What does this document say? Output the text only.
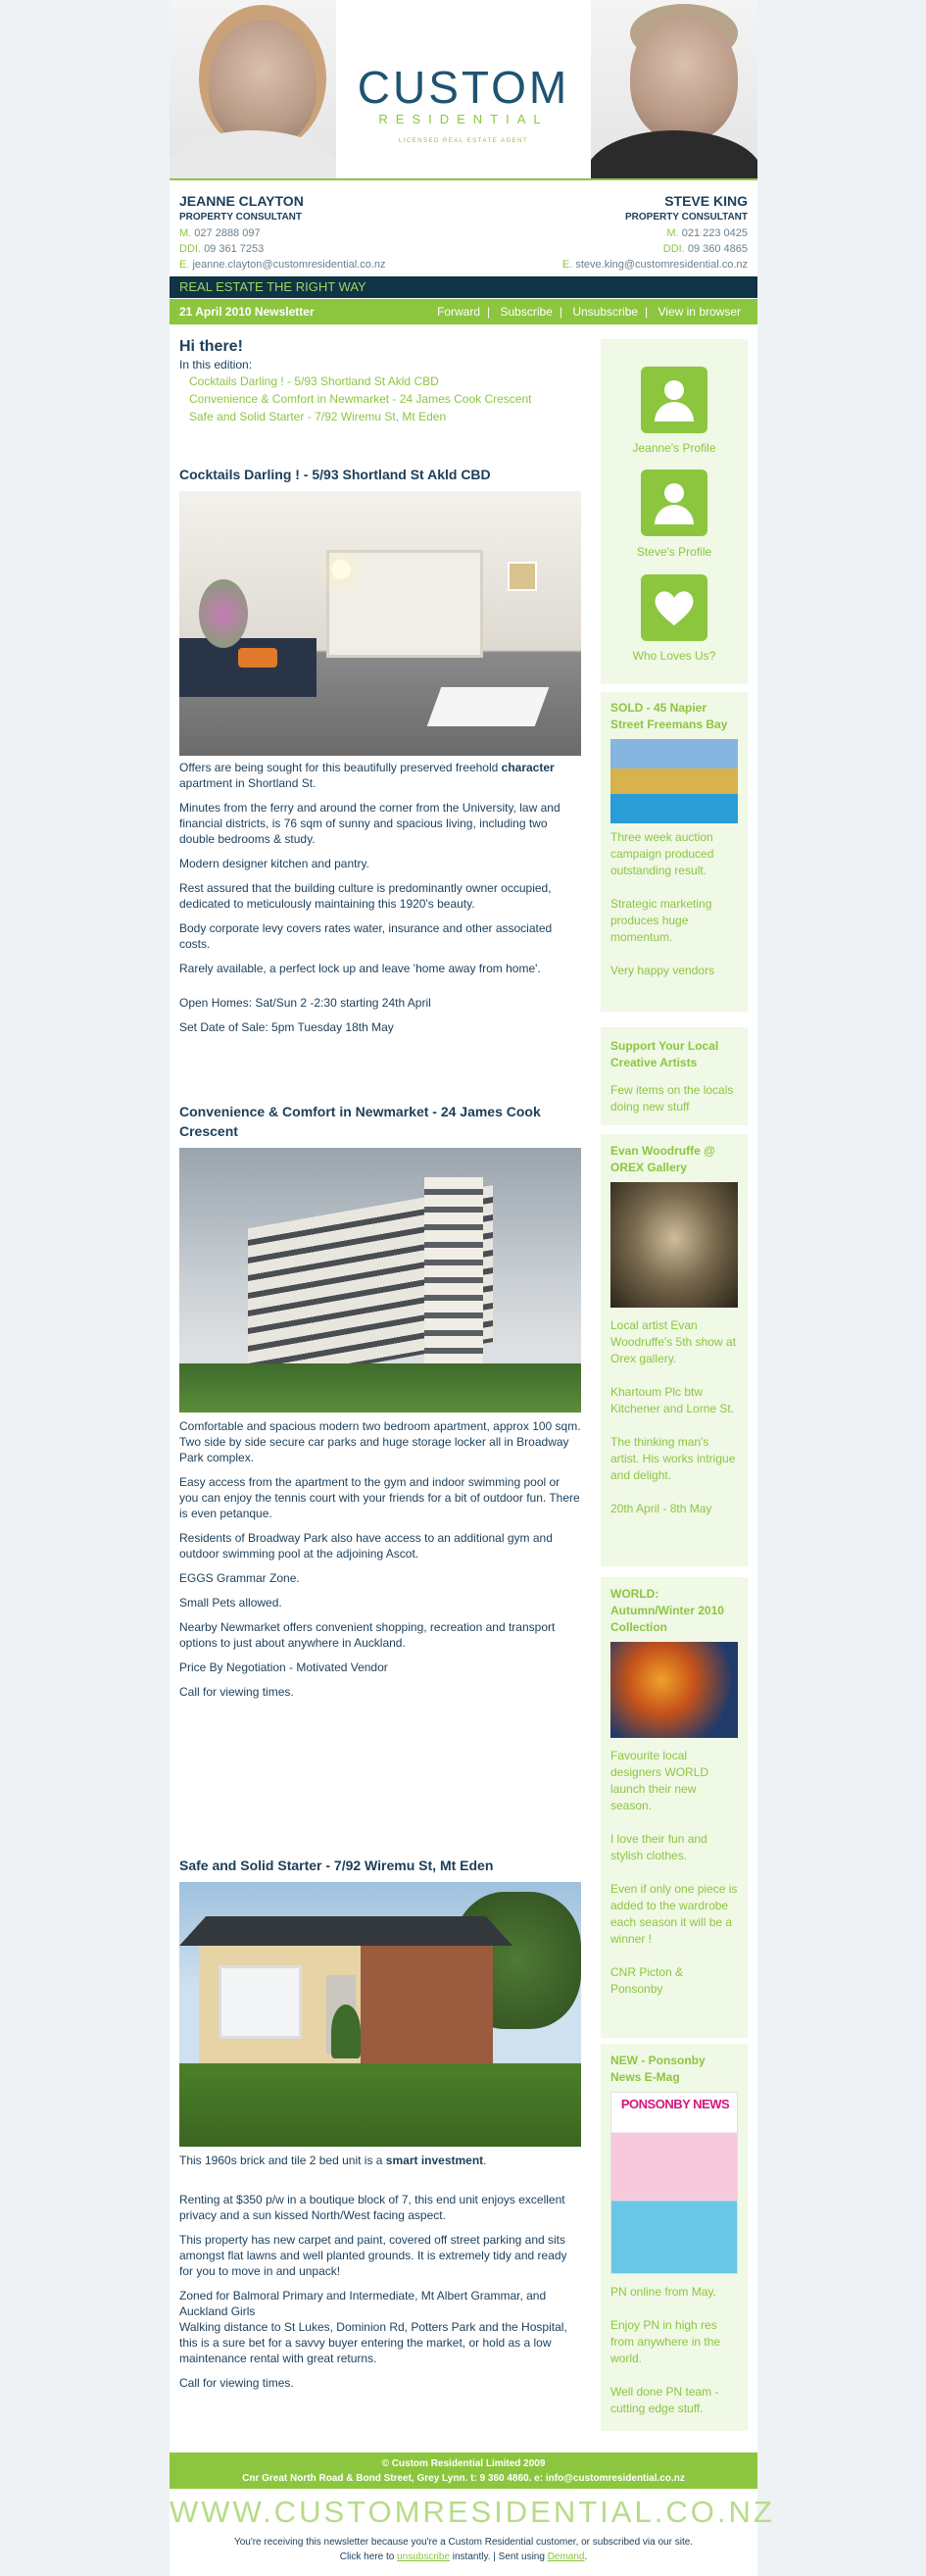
CUSTOM
RESIDENTIAL
LICENSED REAL ESTATE AGENT
JEANNE CLAYTON
PROPERTY CONSULTANT
M. 027 2888 097
DDI. 09 361 7253
E. jeanne.clayton@customresidential.co.nz
STEVE KING
PROPERTY CONSULTANT
M. 021 223 0425
DDI. 09 360 4865
E. steve.king@customresidential.co.nz
REAL ESTATE THE RIGHT WAY
21 April 2010 Newsletter	Forward | Subscribe | Unsubscribe | View in browser
Hi there!
In this edition:
Cocktails Darling ! - 5/93 Shortland St Akld CBD
Convenience & Comfort in Newmarket - 24 James Cook Crescent
Safe and Solid Starter - 7/92 Wiremu St, Mt Eden
Cocktails Darling ! - 5/93 Shortland St Akld CBD

Offers are being sought for this beautifully preserved freehold character apartment in Shortland St.

Minutes from the ferry and around the corner from the University, law and financial districts, is 76 sqm of sunny and spacious living, including two double bedrooms & study.

Modern designer kitchen and pantry.

Rest assured that the building culture is predominantly owner occupied, dedicated to meticulously maintaining this 1920's beauty.

Body corporate levy covers rates water, insurance and other associated costs.

Rarely available, a perfect lock up and leave 'home away from home'.

Open Homes: Sat/Sun 2 -2:30 starting 24th April

Set Date of Sale: 5pm Tuesday 18th May

Convenience & Comfort in Newmarket - 24 James Cook Crescent

Comfortable and spacious modern two bedroom apartment, approx 100 sqm. Two side by side secure car parks and huge storage locker all in Broadway Park complex.

Easy access from the apartment to the gym and indoor swimming pool or you can enjoy the tennis court with your friends for a bit of outdoor fun. There is even petanque.

Residents of Broadway Park also have access to an additional gym and outdoor swimming pool at the adjoining Ascot.

EGGS Grammar Zone.

Small Pets allowed.

Nearby Newmarket offers convenient shopping, recreation and transport options to just about anywhere in Auckland.

Price By Negotiation - Motivated Vendor

Call for viewing times.

Safe and Solid Starter - 7/92 Wiremu St, Mt Eden

This 1960s brick and tile 2 bed unit is a smart investment.

Renting at $350 p/w in a boutique block of 7, this end unit enjoys excellent privacy and a sun kissed North/West facing aspect.

This property has new carpet and paint, covered off street parking and sits amongst flat lawns and well planted grounds. It is extremely tidy and ready for you to move in and unpack!

Zoned for Balmoral Primary and Intermediate, Mt Albert Grammar, and Auckland Girls

Walking distance to St Lukes, Dominion Rd, Potters Park and the Hospital, this is a sure bet for a savvy buyer entering the market, or hold as a low maintenance rental with great returns.

Call for viewing times.

Jeanne's Profile
Steve's Profile
Who Loves Us?
SOLD - 45 Napier Street Freemans Bay

Three week auction campaign produced outstanding result.

Strategic marketing produces huge momentum.

Very happy vendors

Support Your Local Creative Artists
Few items on the locals doing new stuff
Evan Woodruffe @ OREX Gallery

Local artist Evan Woodruffe's 5th show at Orex gallery.

Khartoum Plc btw Kitchener and Lorne St.

The thinking man's artist. His works intrigue and delight.

20th April - 8th May

WORLD: Autumn/Winter 2010 Collection

Favourite local designers WORLD launch their new season.

I love their fun and stylish clothes.

Even if only one piece is added to the wardrobe each season it will be a winner !

CNR Picton & Ponsonby

NEW - Ponsonby News E-Mag
PONSONBY NEWS

PN online from May.

Enjoy PN in high res from anywhere in the world.

Well done PN team - cutting edge stuff.

© Custom Residential Limited 2009
Cnr Great North Road & Bond Street, Grey Lynn. t: 9 360 4860. e: info@customresidential.co.nz
WWW.CUSTOMRESIDENTIAL.CO.NZ
You're receiving this newsletter because you're a Custom Residential customer, or subscribed via our site.
Click here to unsubscribe instantly. | Sent using Demand.
